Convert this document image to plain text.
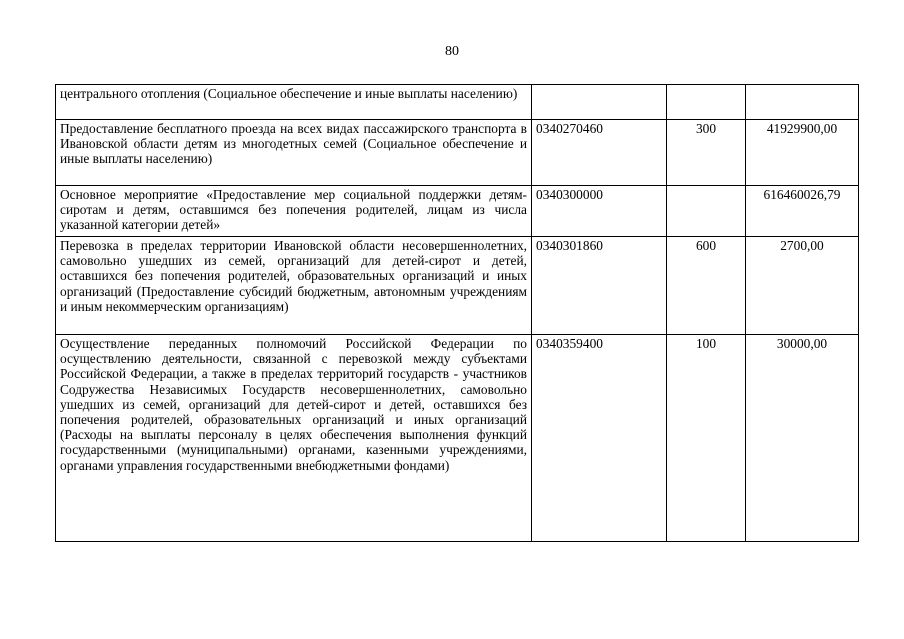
80
центрального отопления (Социальное обеспечение и иные выплаты населению)			
Предоставление бесплатного проезда на всех видах пассажирского транспорта в Ивановской области детям из многодетных семей (Социальное обеспечение и иные выплаты населению)	0340270460	300	41929900,00
Основное мероприятие «Предоставление мер социальной поддержки детям-сиротам и детям, оставшимся без попечения родителей, лицам из числа указанной категории детей»	0340300000		616460026,79
Перевозка в пределах территории Ивановской области несовершеннолетних, самовольно ушедших из семей, организаций для детей-сирот и детей, оставшихся без попечения родителей, образовательных организаций и иных организаций (Предоставление субсидий бюджетным, автономным учреждениям и иным некоммерческим организациям)	0340301860	600	2700,00
Осуществление переданных полномочий Российской Федерации по осуществлению деятельности, связанной с перевозкой между субъектами Российской Федерации, а также в пределах территорий государств - участников Содружества Независимых Государств несовершеннолетних, самовольно ушедших из семей, организаций для детей-сирот и детей, оставшихся без попечения родителей, образовательных организаций и иных организаций (Расходы на выплаты персоналу в целях обеспечения выполнения функций государственными (муниципальными) органами, казенными учреждениями, органами управления государственными внебюджетными фондами)	0340359400	100	30000,00
